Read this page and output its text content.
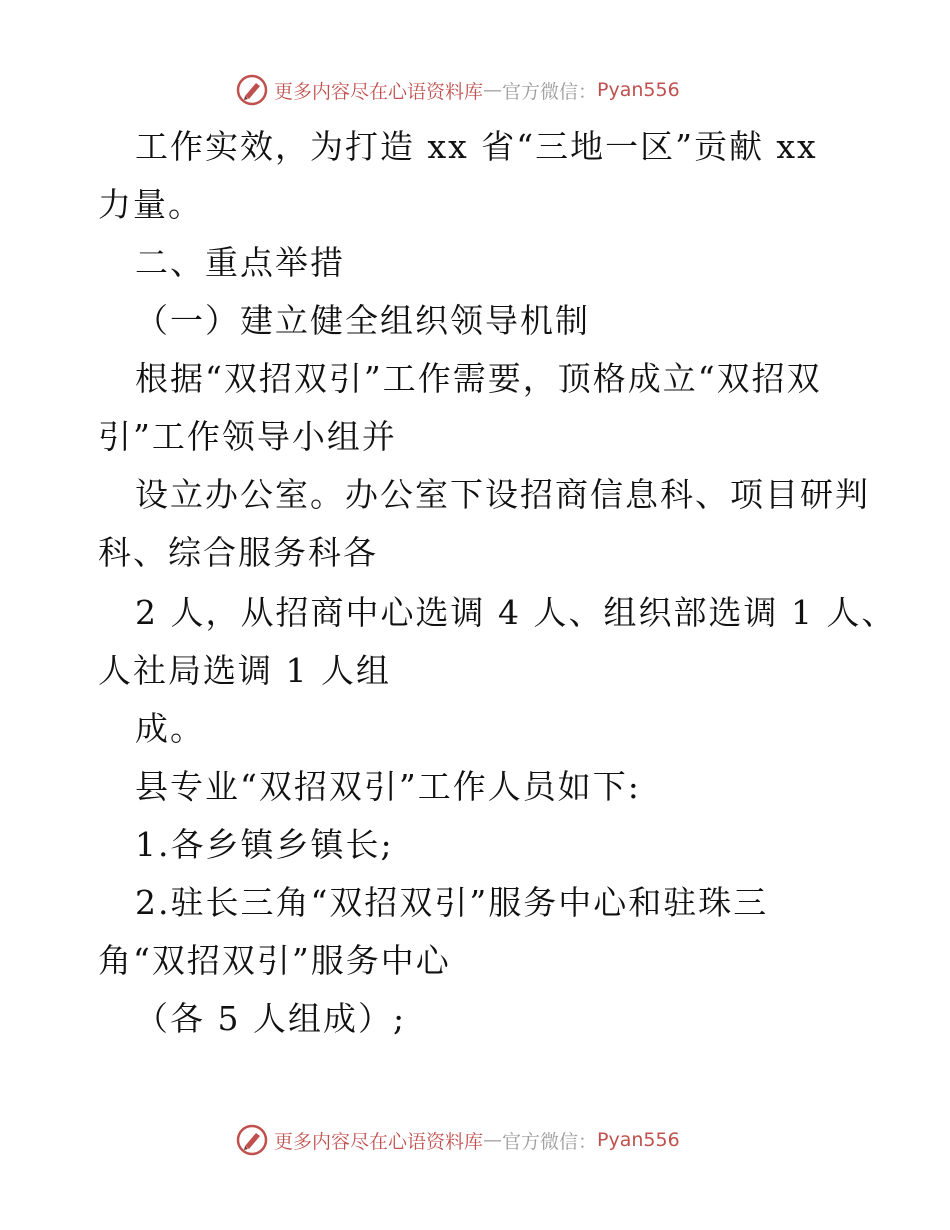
更多内容尽在心语资料库 — 官方微信： Pyan556
工作实效，为打造 xx 省“三地一区”贡献 xx
力量。
二、重点举措
（一）建立健全组织领导机制
根据“双招双引”工作需要，顶格成立“双招双
引”工作领导小组并
设立办公室。办公室下设招商信息科、项目研判
科、综合服务科各
2 人，从招商中心选调 4 人、组织部选调 1 人、
人社局选调 1 人组
成。
县专业“双招双引”工作人员如下:
1.各乡镇乡镇长;
2.驻长三角“双招双引”服务中心和驻珠三
角“双招双引”服务中心
（各 5 人组成）;
更多内容尽在心语资料库 — 官方微信： Pyan556
